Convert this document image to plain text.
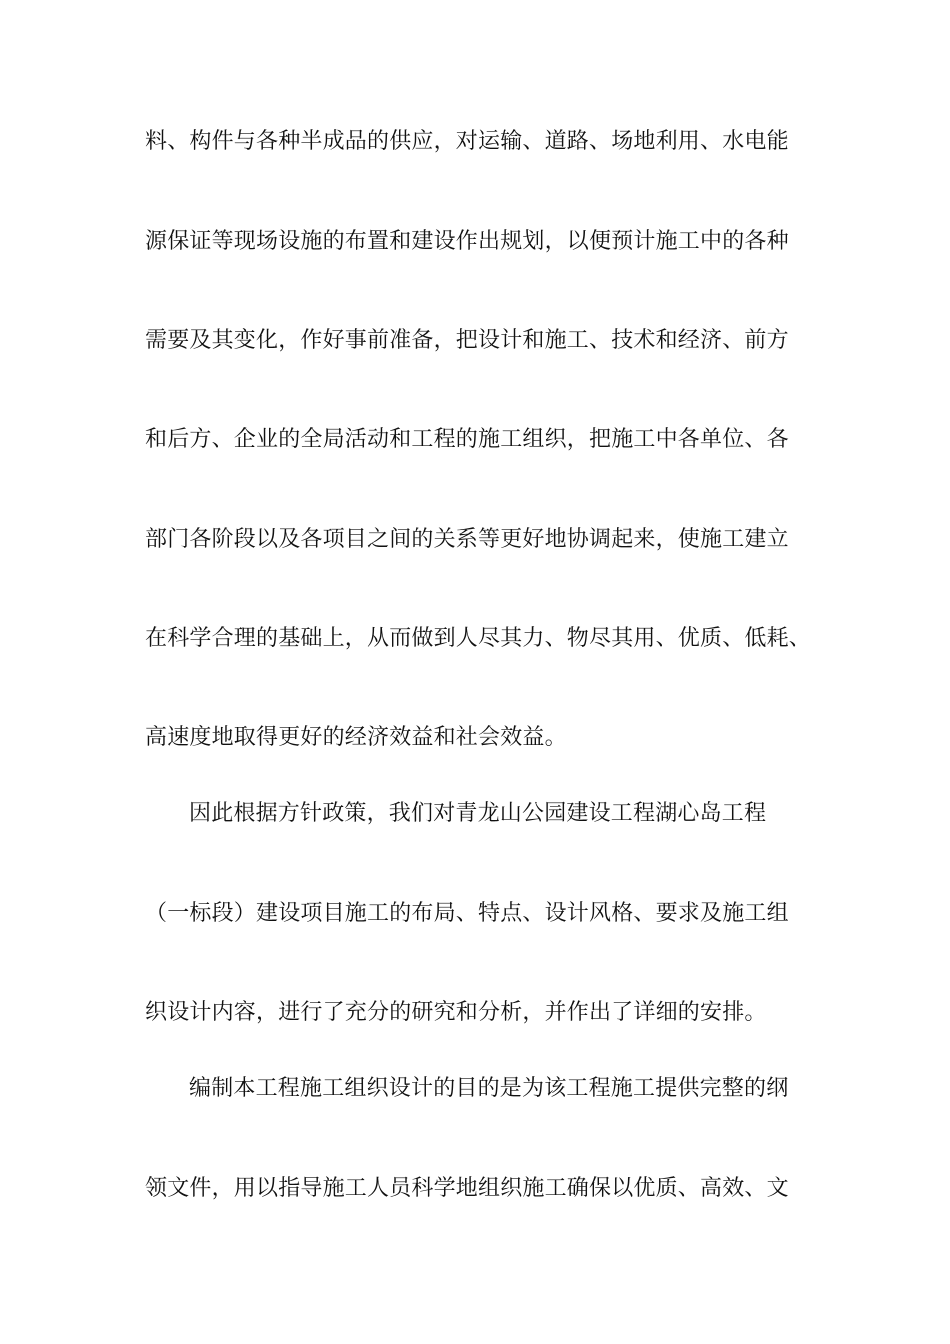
料、构件与各种半成品的供应，对运输、道路、场地利用、水电能
源保证等现场设施的布置和建设作出规划，以便预计施工中的各种
需要及其变化，作好事前准备，把设计和施工、技术和经济、前方
和后方、企业的全局活动和工程的施工组织，把施工中各单位、各
部门各阶段以及各项目之间的关系等更好地协调起来，使施工建立
在科学合理的基础上，从而做到人尽其力、物尽其用、优质、低耗、
高速度地取得更好的经济效益和社会效益。
因此根据方针政策，我们对青龙山公园建设工程湖心岛工程
（一标段）建设项目施工的布局、特点、设计风格、要求及施工组
织设计内容，进行了充分的研究和分析，并作出了详细的安排。
编制本工程施工组织设计的目的是为该工程施工提供完整的纲
领文件，用以指导施工人员科学地组织施工确保以优质、高效、文
